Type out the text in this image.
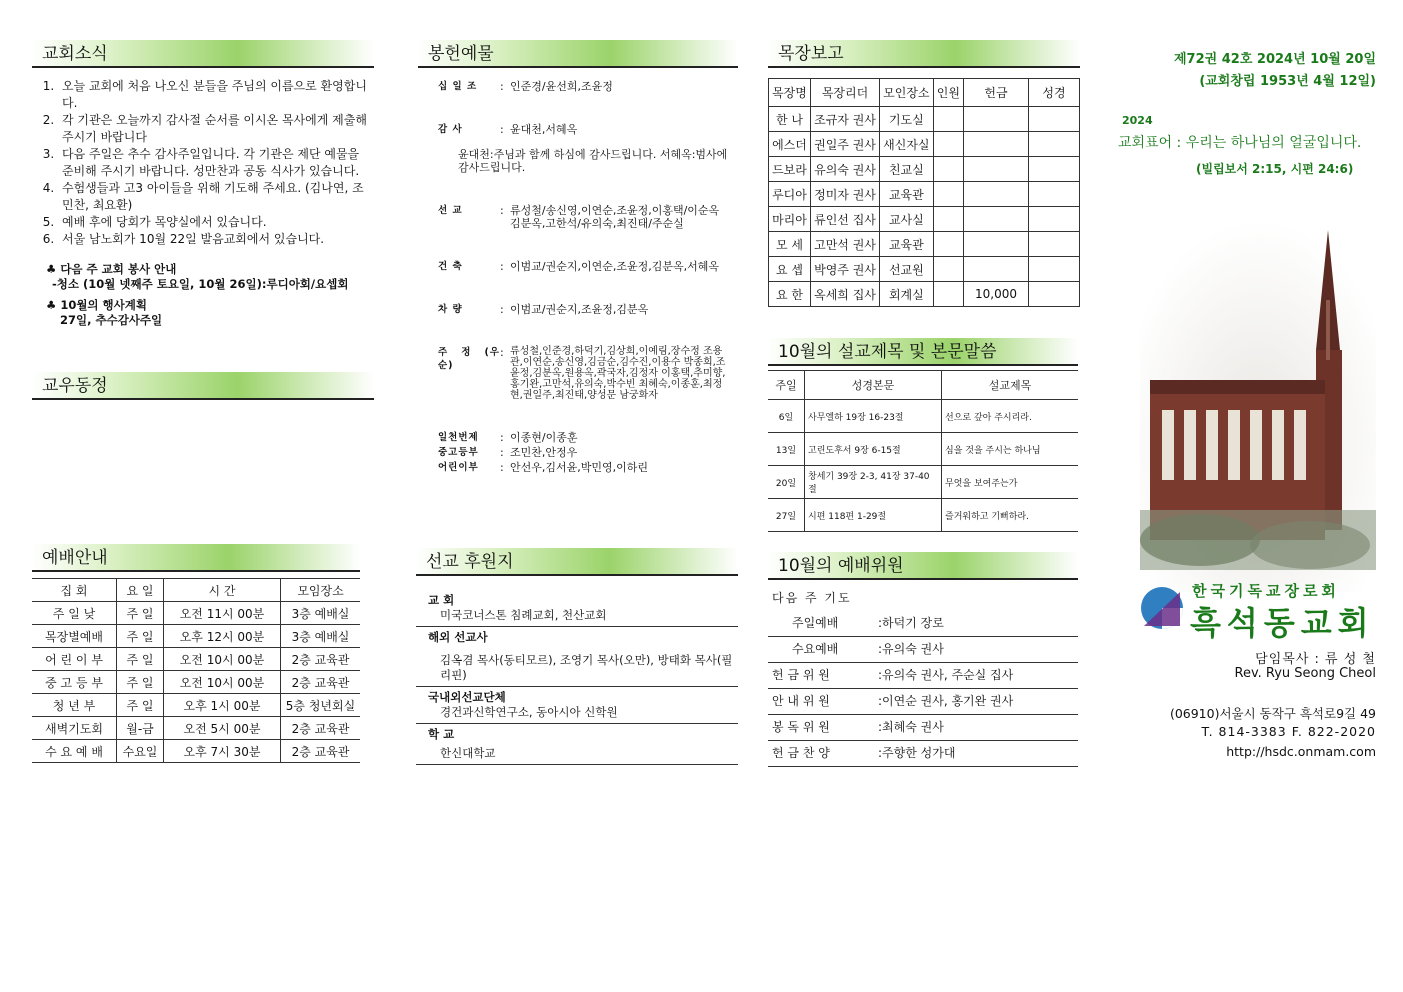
교회소식
1. 오늘 교회에 처음 나오신 분들을 주님의 이름으로 환영합니다.
2. 각 기관은 오늘까지 감사절 순서를 이시온 목사에게 제출해 주시기 바랍니다
3. 다음 주일은 추수 감사주일입니다. 각 기관은 제단 예물을 준비해 주시기 바랍니다. 성만찬과 공동 식사가 있습니다.
4. 수험생들과 고3 아이들을 위해 기도해 주세요. (김나연, 조민찬, 최요환)
5. 예배 후에 당회가 목양실에서 있습니다.
6. 서울 남노회가 10월 22일 발음교회에서 있습니다.
♣ 다음 주 교회 봉사 안내
-청소 (10월 넷째주 토요일, 10월 26일):루디아회/요셉회
♣ 10월의 행사계획
27일, 추수감사주일
교우동정
예배안내
집 회	요 일	시 간	모임장소
주 일 낮	주 일	오전 11시 00분	3층 예배실
목장별예배	주 일	오후 12시 00분	3층 예배실
어 린 이 부	주 일	오전 10시 00분	2층 교육관
중 고 등 부	주 일	오전 10시 00분	2층 교육관
청 년 부	주 일	오후 1시 00분	5층 청년회실
새벽기도회	월-금	오전 5시 00분	2층 교육관
수 요 예 배	수요일	오후 7시 30분	2층 교육관
봉헌예물
십 일 조	: 인준경/윤선희,조윤정
감 사	: 윤대천,서혜옥
윤대천:주님과 함께 하심에 감사드립니다. 서혜옥:범사에 감사드립니다.
선 교	: 류성철/송신영,이연순,조윤정,이홍택/이순옥 김분옥,고한석/유의숙,최진태/주순실
건 축	: 이범교/권순지,이연순,조윤정,김분옥,서혜옥
차 량	: 이범교/권순지,조윤정,김분옥
주 정 (우 순)
: 류성철,인준경,하덕기,김상희,이예림,장수정 조용관,이연순,송신영,김금순,김수진,이용수 박종희,조윤정,김분옥,원용옥,곽국자,김정자 이홍택,추미향,홍기완,고만석,유의숙,박수빈 최혜숙,이종훈,최정현,권일주,최진태,양성문 남궁화자
일천번제	: 이종현/이종훈
중고등부	: 조민찬,안정우
어린이부	: 안선우,김서윤,박민영,이하린
선교 후원지
교 회
미국코너스톤 침례교회, 천산교회
해외 선교사
김옥겸 목사(동티모르), 조영기 목사(오만), 방태화 목사(필리핀)
국내외선교단체
경건과신학연구소, 동아시아 신학원
학 교
한신대학교
목장보고
목장명	목장리더	모인장소	인원	헌금	성경
한 나	조규자 권사	기도실			
에스더	권일주 권사	새신자실			
드보라	유의숙 권사	친교실			
루디아	정미자 권사	교육관			
마리아	류인선 집사	교사실			
모 세	고만석 권사	교육관			
요 셉	박영주 권사	선교원			
요 한	옥세희 집사	회계실		10,000	
10월의 설교제목 및 본문말씀
주일	성경본문	설교제목
6일	사무엘하 19장 16-23절	선으로 갚아 주시리라.
13일	고린도후서 9장 6-15절	심을 것을 주시는 하나님
20일	창세기 39장 2-3, 41장 37-40절	무엇을 보여주는가
27일	시편 118편 1-29절	즐거워하고 기뻐하라.
10월의 예배위원
다음 주 기도
주일예배	: 하덕기 장로
수요예배	: 유의숙 권사
헌 금 위 원	: 유의숙 권사, 주순실 집사
안 내 위 원	: 이연순 권사, 홍기완 권사
봉 독 위 원	: 최혜숙 권사
헌 금 찬 양	: 주향한 성가대
제72권 42호 2024년 10월 20일
(교회창립 1953년 4월 12일)
2024
교회표어 : 우리는 하나님의 얼굴입니다.
(빌립보서 2:15, 시편 24:6)
한국기독교장로회
흑석동교회
담임목사 : 류 성 철
Rev. Ryu Seong Cheol
(06910)서울시 동작구 흑석로9길 49
T. 814-3383 F. 822-2020
http://hsdc.onmam.com
